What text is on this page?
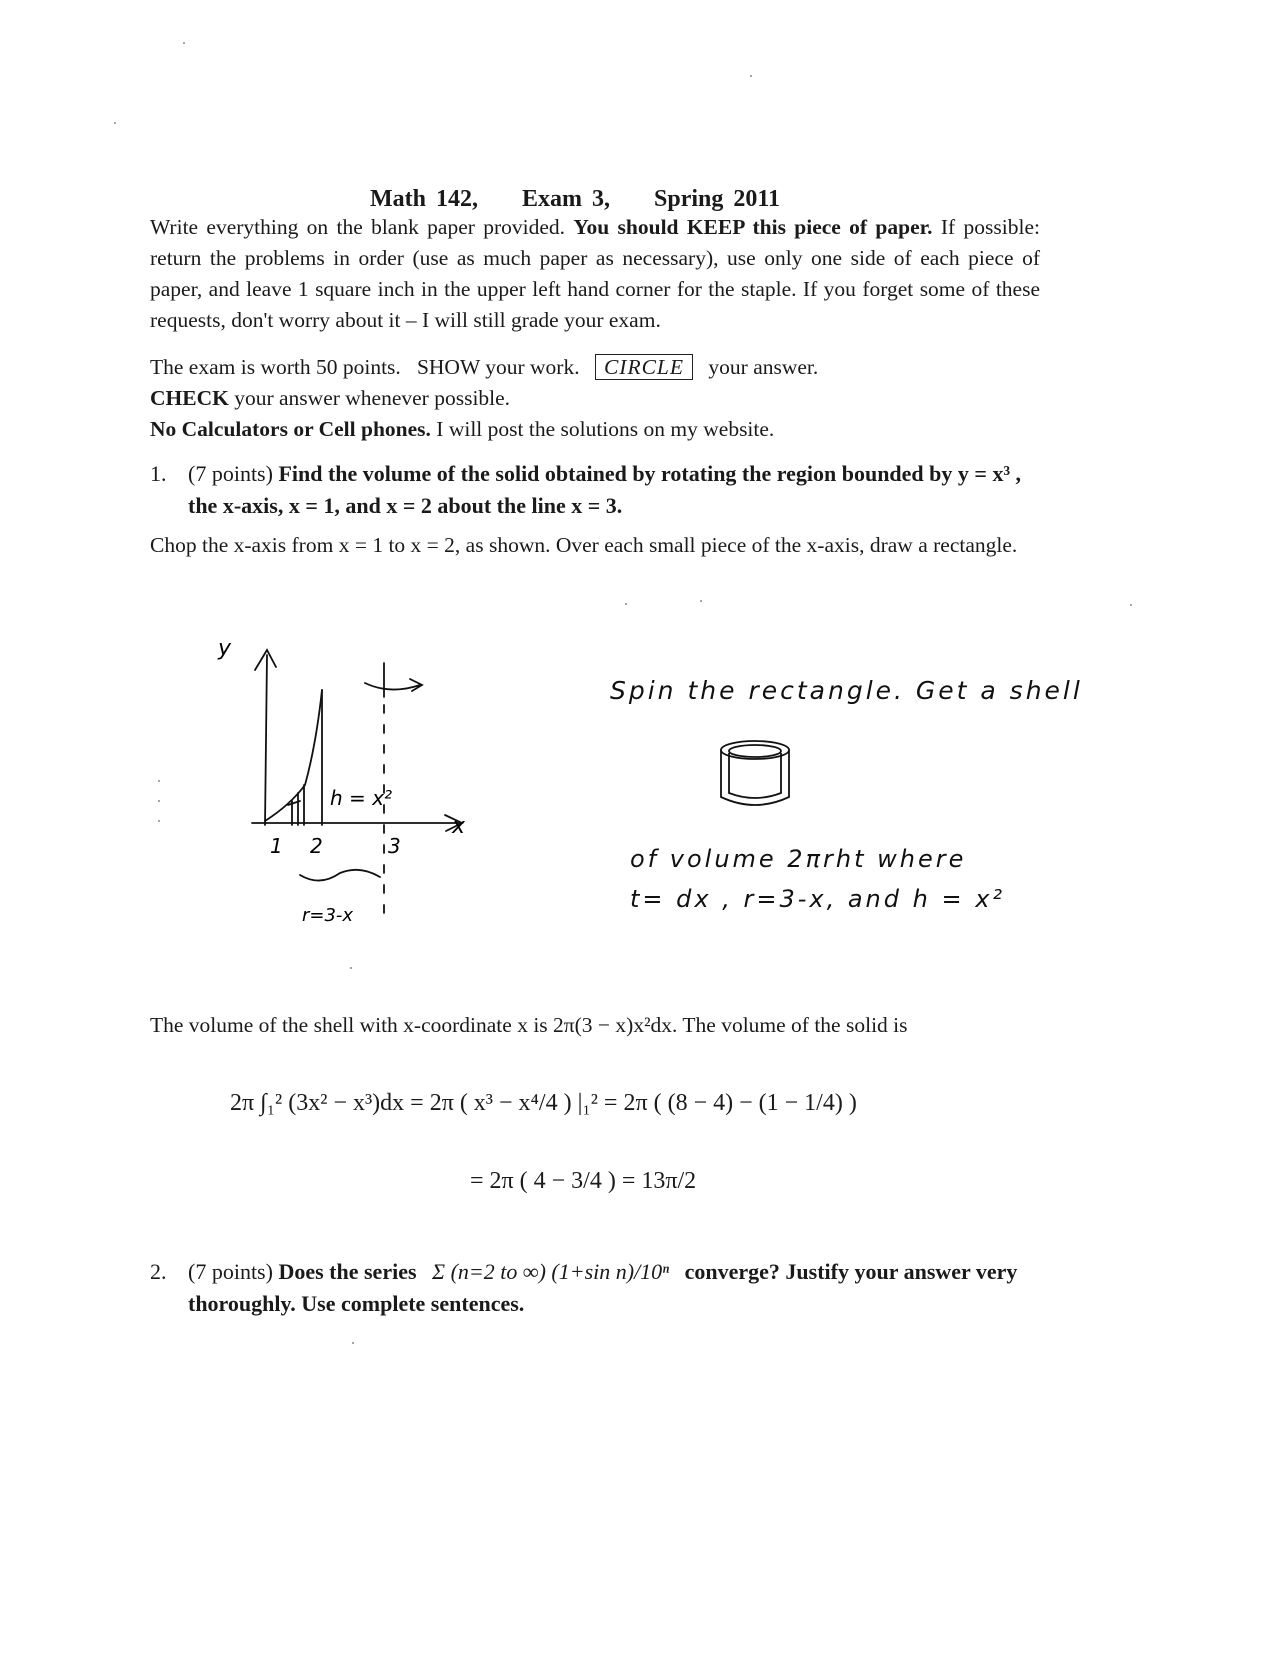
Math 142, Exam 3, Spring 2011
Write everything on the blank paper provided. You should KEEP this piece of paper. If possible: return the problems in order (use as much paper as necessary), use only one side of each piece of paper, and leave 1 square inch in the upper left hand corner for the staple. If you forget some of these requests, don't worry about it – I will still grade your exam.
The exam is worth 50 points. SHOW your work. CIRCLE your answer.
CHECK your answer whenever possible.
No Calculators or Cell phones. I will post the solutions on my website.
1. (7 points) Find the volume of the solid obtained by rotating the region bounded by y = x³ , the x-axis, x = 1, and x = 2 about the line x = 3.
Chop the x-axis from x = 1 to x = 2, as shown. Over each small piece of the x-axis, draw a rectangle.
y
x
h = x²
1 2	3
r=3-x
Spin the rectangle. Get a shell
of volume 2πrht where
t= dx , r=3-x, and h = x²
The volume of the shell with x-coordinate x is 2π(3 − x)x²dx. The volume of the solid is
2π ∫₁² (3x² − x³)dx = 2π ( x³ − x⁴/4 ) |₁² = 2π ( (8 − 4) − (1 − 1/4) )
= 2π ( 4 − 3/4 ) = 13π/2
2. (7 points) Does the series Σ (n=2 to ∞) (1+sin n)/10ⁿ converge? Justify your answer very thoroughly. Use complete sentences.
